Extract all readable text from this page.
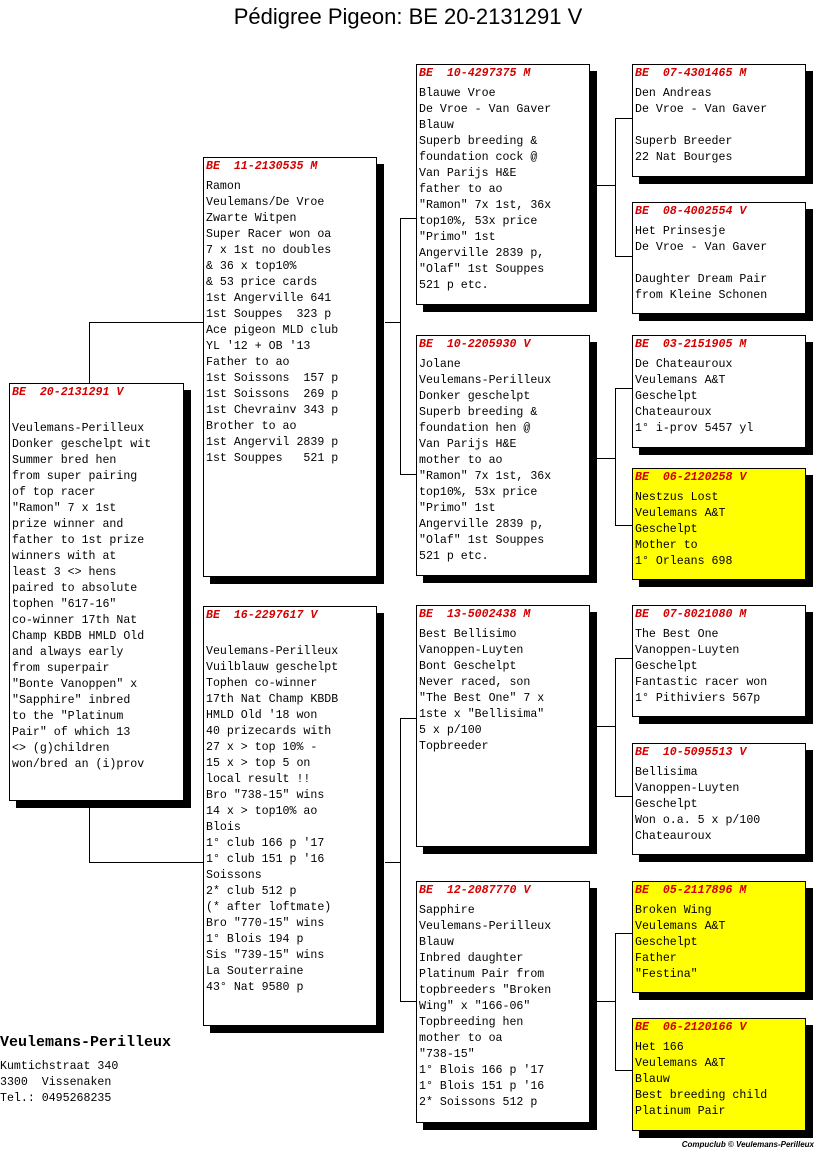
Pédigree Pigeon: BE 20-2131291 V
BE  20-2131291 V
Veulemans-Perilleux
Donker geschelpt wit
Summer bred hen
from super pairing
of top racer
"Ramon" 7 x 1st
prize winner and
father to 1st prize
winners with at
least 3 <> hens
paired to absolute
tophen "617-16"
co-winner 17th Nat
Champ KBDB HMLD Old
and always early
from superpair
"Bonte Vanoppen" x
"Sapphire" inbred
to the "Platinum
Pair" of which 13
<> (g)children
won/bred an (i)prov
BE  11-2130535 M
Ramon
Veulemans/De Vroe
Zwarte Witpen
Super Racer won oa
7 x 1st no doubles
& 36 x top10%
& 53 price cards
1st Angerville 641
1st Souppes  323 p
Ace pigeon MLD club
YL '12 + OB '13
Father to ao
1st Soissons  157 p
1st Soissons  269 p
1st Chevrainv 343 p
Brother to ao
1st Angervil 2839 p
1st Souppes   521 p
BE  16-2297617 V
Veulemans-Perilleux
Vuilblauw geschelpt
Tophen co-winner
17th Nat Champ KBDB
HMLD Old '18 won
40 prizecards with
27 x > top 10% -
15 x > top 5 on
local result !!
Bro "738-15" wins
14 x > top10% ao
Blois
1° club 166 p '17
1° club 151 p '16
Soissons
2* club 512 p
(* after loftmate)
Bro "770-15" wins
1° Blois 194 p
Sis "739-15" wins
La Souterraine
43° Nat 9580 p
BE  10-4297375 M
Blauwe Vroe
De Vroe - Van Gaver
Blauw
Superb breeding &
foundation cock @
Van Parijs H&E
father to ao
"Ramon" 7x 1st, 36x
top10%, 53x price
"Primo" 1st
Angerville 2839 p,
"Olaf" 1st Souppes
521 p etc.
BE  10-2205930 V
Jolane
Veulemans-Perilleux
Donker geschelpt
Superb breeding &
foundation hen @
Van Parijs H&E
mother to ao
"Ramon" 7x 1st, 36x
top10%, 53x price
"Primo" 1st
Angerville 2839 p,
"Olaf" 1st Souppes
521 p etc.
BE  13-5002438 M
Best Bellisimo
Vanoppen-Luyten
Bont Geschelpt
Never raced, son
"The Best One" 7 x
1ste x "Bellisima"
5 x p/100
Topbreeder
BE  12-2087770 V
Sapphire
Veulemans-Perilleux
Blauw
Inbred daughter
Platinum Pair from
topbreeders "Broken
Wing" x "166-06"
Topbreeding hen
mother to oa
"738-15"
1° Blois 166 p '17
1° Blois 151 p '16
2* Soissons 512 p
BE  07-4301465 M
Den Andreas
De Vroe - Van Gaver
Superb Breeder
22 Nat Bourges
BE  08-4002554 V
Het Prinsesje
De Vroe - Van Gaver
Daughter Dream Pair
from Kleine Schonen
BE  03-2151905 M
De Chateauroux
Veulemans A&T
Geschelpt
Chateauroux
1° i-prov 5457 yl
BE  06-2120258 V
Nestzus Lost
Veulemans A&T
Geschelpt
Mother to
1° Orleans 698
BE  07-8021080 M
The Best One
Vanoppen-Luyten
Geschelpt
Fantastic racer won
1° Pithiviers 567p
BE  10-5095513 V
Bellisima
Vanoppen-Luyten
Geschelpt
Won o.a. 5 x p/100
Chateauroux
BE  05-2117896 M
Broken Wing
Veulemans A&T
Geschelpt
Father
"Festina"
BE  06-2120166 V
Het 166
Veulemans A&T
Blauw
Best breeding child
Platinum Pair
Veulemans-Perilleux
Kumtichstraat 340
3300  Vissenaken
Tel.: 0495268235
Compuclub © Veulemans-Perilleux
